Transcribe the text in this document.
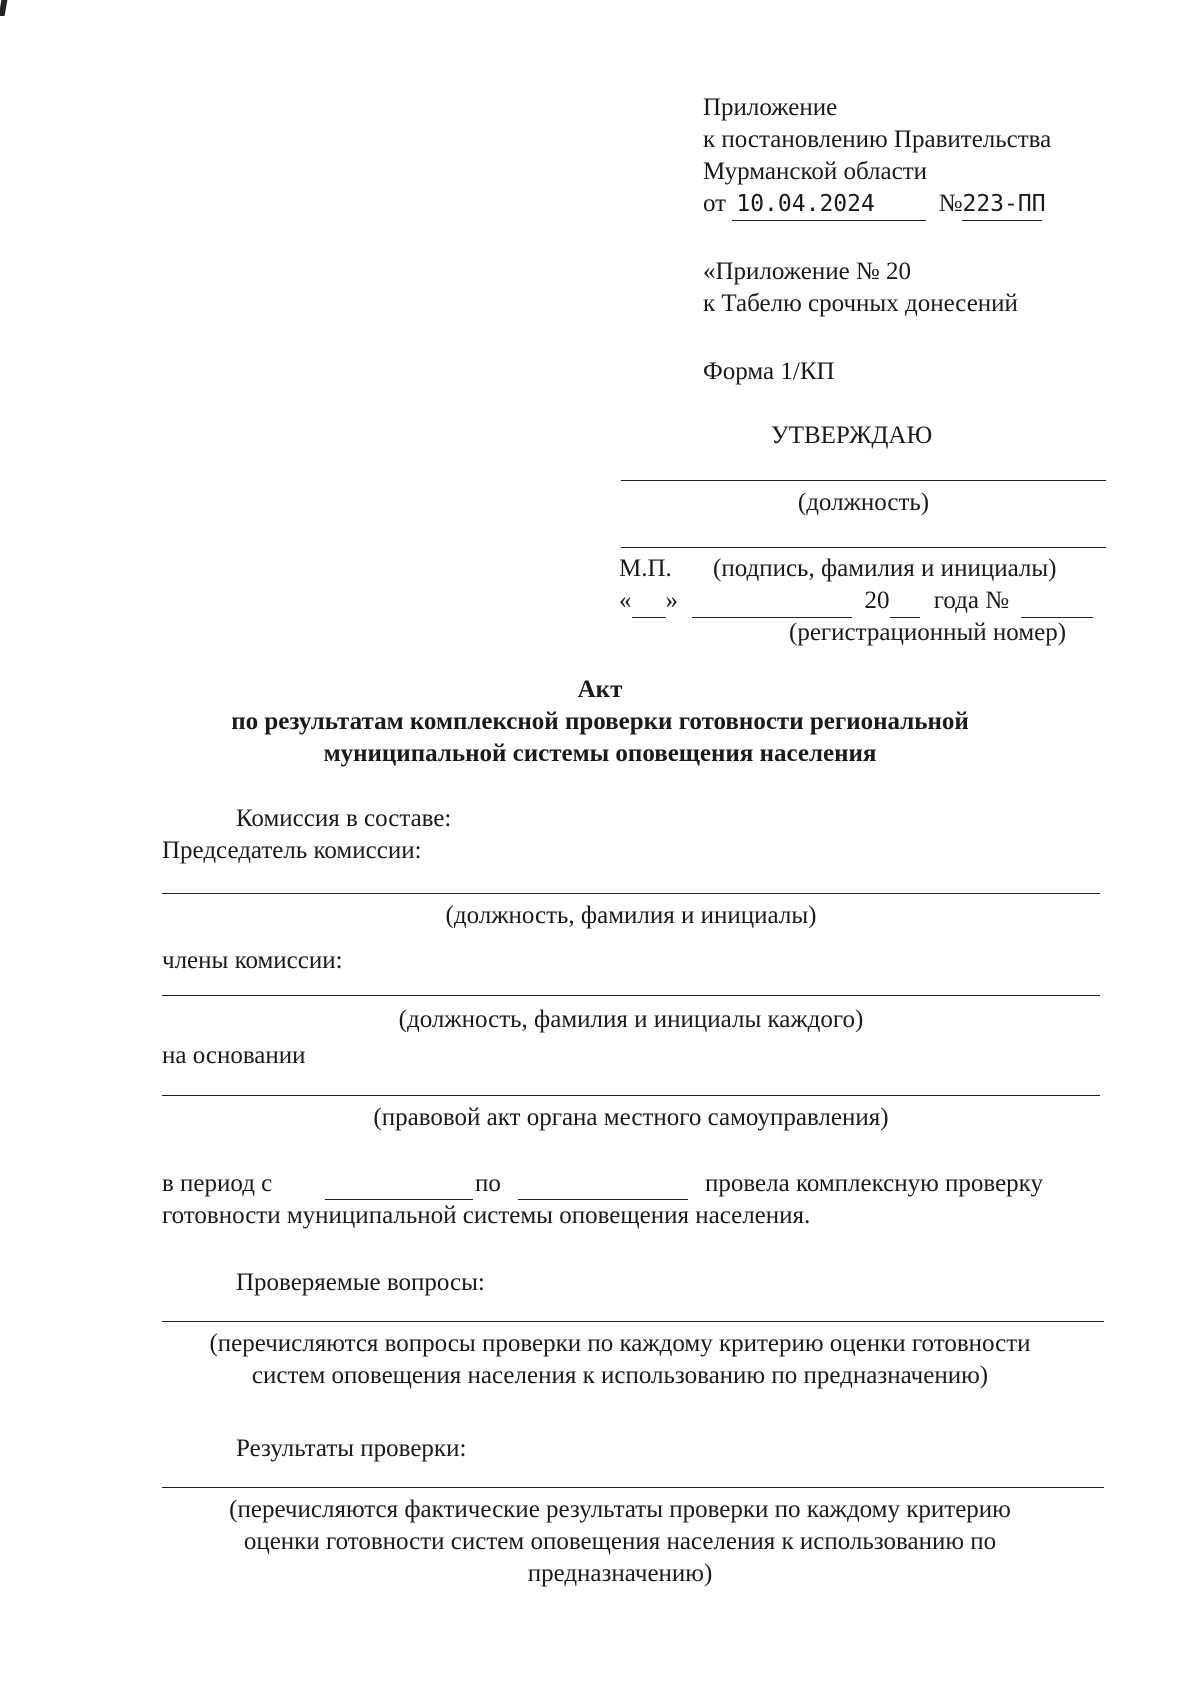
Приложение
к постановлению Правительства
Мурманской области
от 10.04.2024	№223-ПП
«Приложение № 20
к Табелю срочных донесений
Форма 1/КП
УТВЕРЖДАЮ
(должность)
М.П. (подпись, фамилия и инициалы)
« »	20 года №
(регистрационный номер)
Акт
по результатам комплексной проверки готовности региональной
муниципальной системы оповещения населения
Комиссия в составе:
Председатель комиссии:
(должность, фамилия и инициалы)
члены комиссии:
(должность, фамилия и инициалы каждого)
на основании
(правовой акт органа местного самоуправления)
в период с	по	провела комплексную проверку
готовности муниципальной системы оповещения населения.
Проверяемые вопросы:
(перечисляются вопросы проверки по каждому критерию оценки готовности
систем оповещения населения к использованию по предназначению)
Результаты проверки:
(перечисляются фактические результаты проверки по каждому критерию
оценки готовности систем оповещения населения к использованию по
предназначению)
